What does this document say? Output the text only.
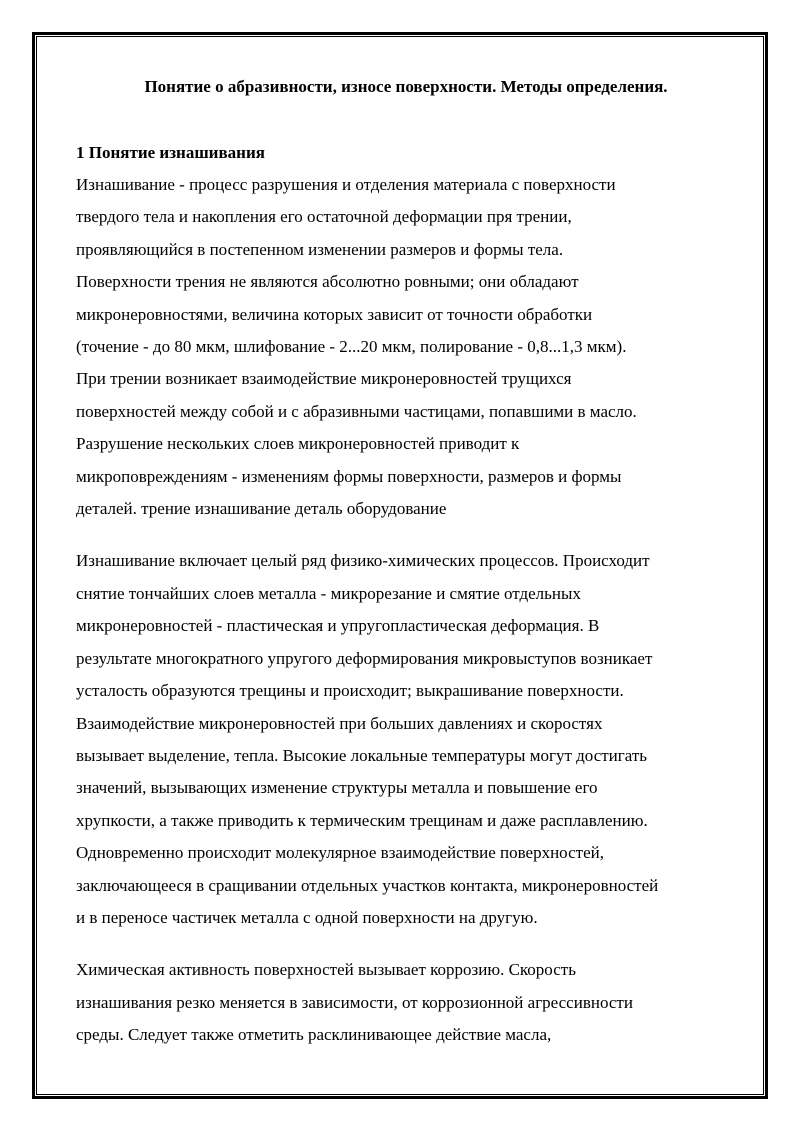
Понятие о абразивности, износе поверхности. Методы определения.

1 Понятие изнашивания

Изнашивание - процесс разрушения и отделения материала с поверхности
твердого тела и накопления его остаточной деформации пря трении,
проявляющийся в постепенном изменении размеров и формы тела.
Поверхности трения не являются абсолютно ровными; они обладают
микронеровностями, величина которых зависит от точности обработки
(точение - до 80 мкм, шлифование - 2...20 мкм, полирование - 0,8...1,3 мкм).
При трении возникает взаимодействие микронеровностей трущихся
поверхностей между собой и с абразивными частицами, попавшими в масло.
Разрушение нескольких слоев микронеровностей приводит к
микроповреждениям - изменениям формы поверхности, размеров и формы
деталей. трение изнашивание деталь оборудование

Изнашивание включает целый ряд физико-химических процессов. Происходит
снятие тончайших слоев металла - микрорезание и смятие отдельных
микронеровностей - пластическая и упругопластическая деформация. В
результате многократного упругого деформирования микровыступов возникает
усталость образуются трещины и происходит; выкрашивание поверхности.
Взаимодействие микронеровностей при больших давлениях и скоростях
вызывает выделение, тепла. Высокие локальные температуры могут достигать
значений, вызывающих изменение структуры металла и повышение его
хрупкости, а также приводить к термическим трещинам и даже расплавлению.
Одновременно происходит молекулярное взаимодействие поверхностей,
заключающееся в сращивании отдельных участков контакта, микронеровностей
и в переносе частичек металла с одной поверхности на другую.

Химическая активность поверхностей вызывает коррозию. Скорость
изнашивания резко меняется в зависимости, от коррозионной агрессивности
среды. Следует также отметить расклинивающее действие масла,
